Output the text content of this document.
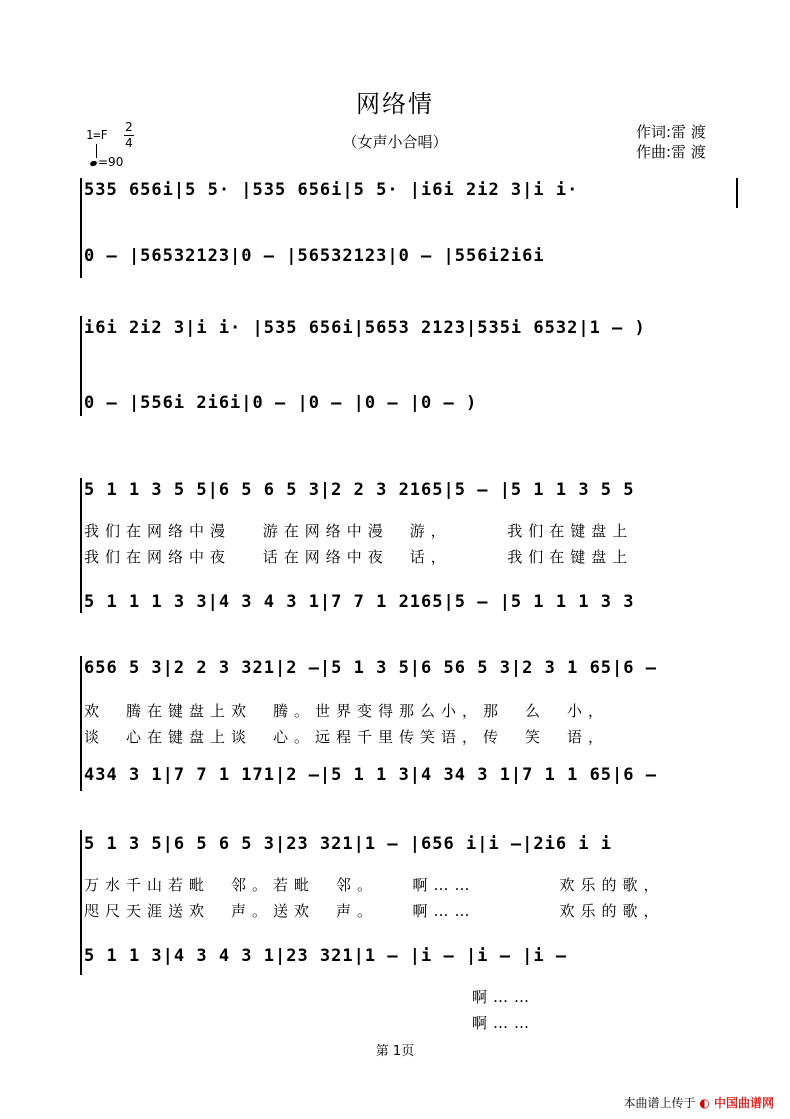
网络情
（女声小合唱）
1=F
2
4
=90
作词:雷 渡
作曲:雷 渡
535 656i|5 5· |535 656i|5 5· |i6i 2i2 3|i i·
0 – |56532123|0 – |56532123|0 – |556i2i6i
i6i 2i2 3|i i· |535 656i|5653 2123|535i 6532|1 – )
0 – |556i 2i6i|0 – |0 – |0 – |0 – )
5 1 1 3 5 5|6 5 6 5 3|2 2 3 2165|5 – |5 1 1 3 5 5
我们在网络中漫　 游在网络中漫　游，　　　我们在键盘上
我们在网络中夜　 话在网络中夜　话，　　　我们在键盘上
5 1 1 1 3 3|4 3 4 3 1|7 7 1 2165|5 – |5 1 1 1 3 3
656 5 3|2 2 3 321|2 –|5 1 3 5|6 56 5 3|2 3 1 65|6 –
欢　腾在键盘上欢　腾。世界变得那么小，那　么　小，
谈　心在键盘上谈　心。远程千里传笑语，传　笑　语，
434 3 1|7 7 1 171|2 –|5 1 1 3|4 34 3 1|7 1 1 65|6 –
5 1 3 5|6 5 6 5 3|23 321|1 – |656 i|i –|2i6 i i
万水千山若毗　邻。若毗　邻。　　啊……　　　　欢乐的歌，
咫尺天涯送欢　声。送欢　声。　　啊……　　　　欢乐的歌，
5 1 1 3|4 3 4 3 1|23 321|1 – |i – |i – |i –
啊……
啊……
第 1页
本曲谱上传于 ◐ 中国曲谱网
